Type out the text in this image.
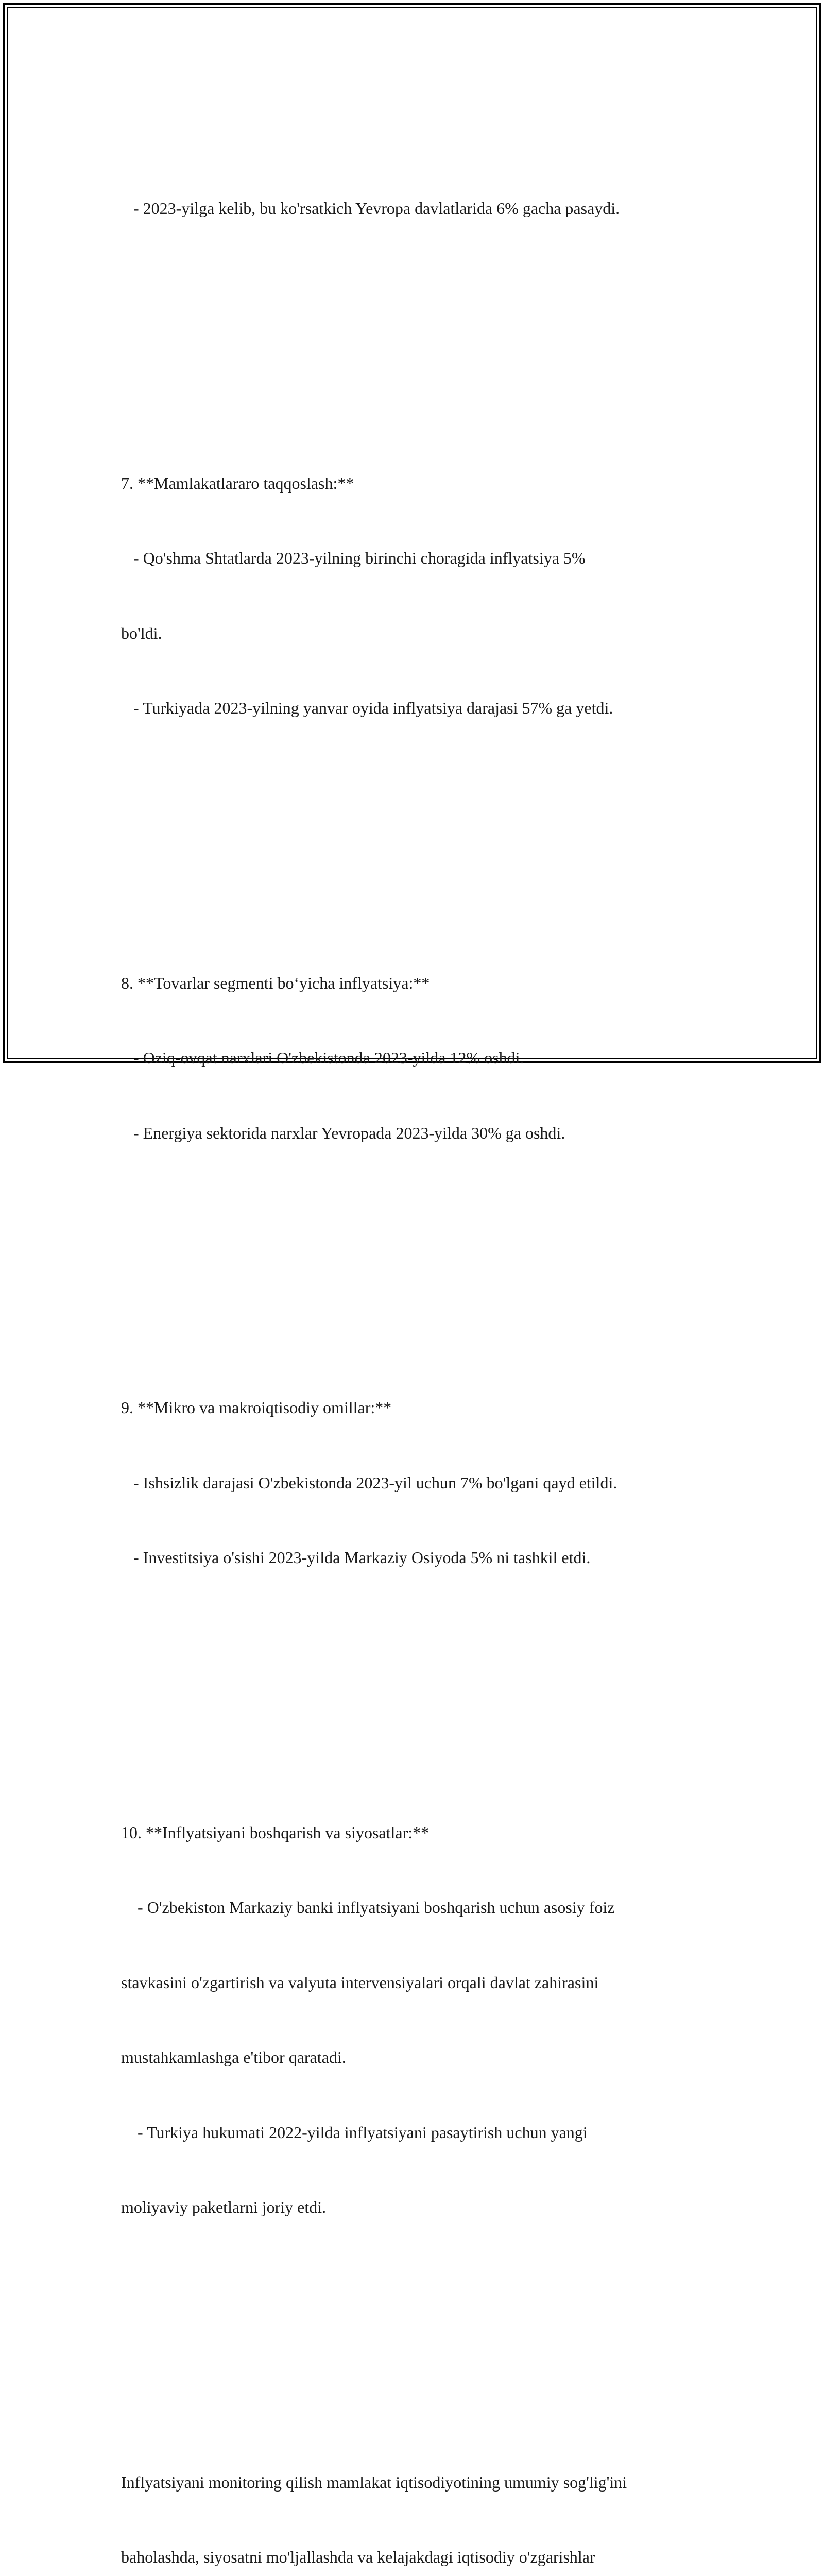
- 2023-yilga kelib, bu ko'rsatkich Yevropa davlatlarida 6% gacha pasaydi.

7. **Mamlakatlararo taqqoslash:**

- Qo'shma Shtatlarda 2023-yilning birinchi choragida inflyatsiya 5%

bo'ldi.

- Turkiyada 2023-yilning yanvar oyida inflyatsiya darajasi 57% ga yetdi.

8. **Tovarlar segmenti bo‘yicha inflyatsiya:**

- Oziq-ovqat narxlari O'zbekistonda 2023-yilda 12% oshdi.

- Energiya sektorida narxlar Yevropada 2023-yilda 30% ga oshdi.

9. **Mikro va makroiqtisodiy omillar:**

- Ishsizlik darajasi O'zbekistonda 2023-yil uchun 7% bo'lgani qayd etildi.

- Investitsiya o'sishi 2023-yilda Markaziy Osiyoda 5% ni tashkil etdi.

10. **Inflyatsiyani boshqarish va siyosatlar:**

- O'zbekiston Markaziy banki inflyatsiyani boshqarish uchun asosiy foiz

stavkasini o'zgartirish va valyuta intervensiyalari orqali davlat zahirasini

mustahkamlashga e'tibor qaratadi.

- Turkiya hukumati 2022-yilda inflyatsiyani pasaytirish uchun yangi

moliyaviy paketlarni joriy etdi.

Inflyatsiyani monitoring qilish mamlakat iqtisodiyotining umumiy sog'lig'ini

baholashda, siyosatni mo'ljallashda va kelajakdagi iqtisodiy o'zgarishlar
